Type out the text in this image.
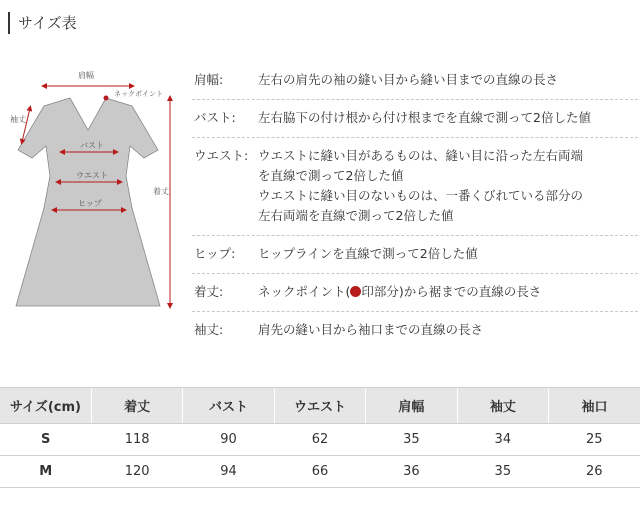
サイズ表
肩幅
ネックポイント
袖丈
バスト
ウエスト
ヒップ
着丈
肩幅:	左右の肩先の袖の縫い目から縫い目までの直線の長さ
バスト:	左右脇下の付け根から付け根までを直線で測って2倍した値
ウエスト: ウエストに縫い目があるものは、縫い目に沿った左右両端
を直線で測って2倍した値
ウエストに縫い目のないものは、一番くびれている部分の
左右両端を直線で測って2倍した値
ヒップ:	ヒップラインを直線で測って2倍した値
着丈:	ネックポイント( 印部分)から裾までの直線の長さ
袖丈:	肩先の縫い目から袖口までの直線の長さ
サイズ(cm)	着丈	バスト	ウエスト	肩幅	袖丈	袖口
S	118	90	62	35	34	25
M	120	94	66	36	35	26
